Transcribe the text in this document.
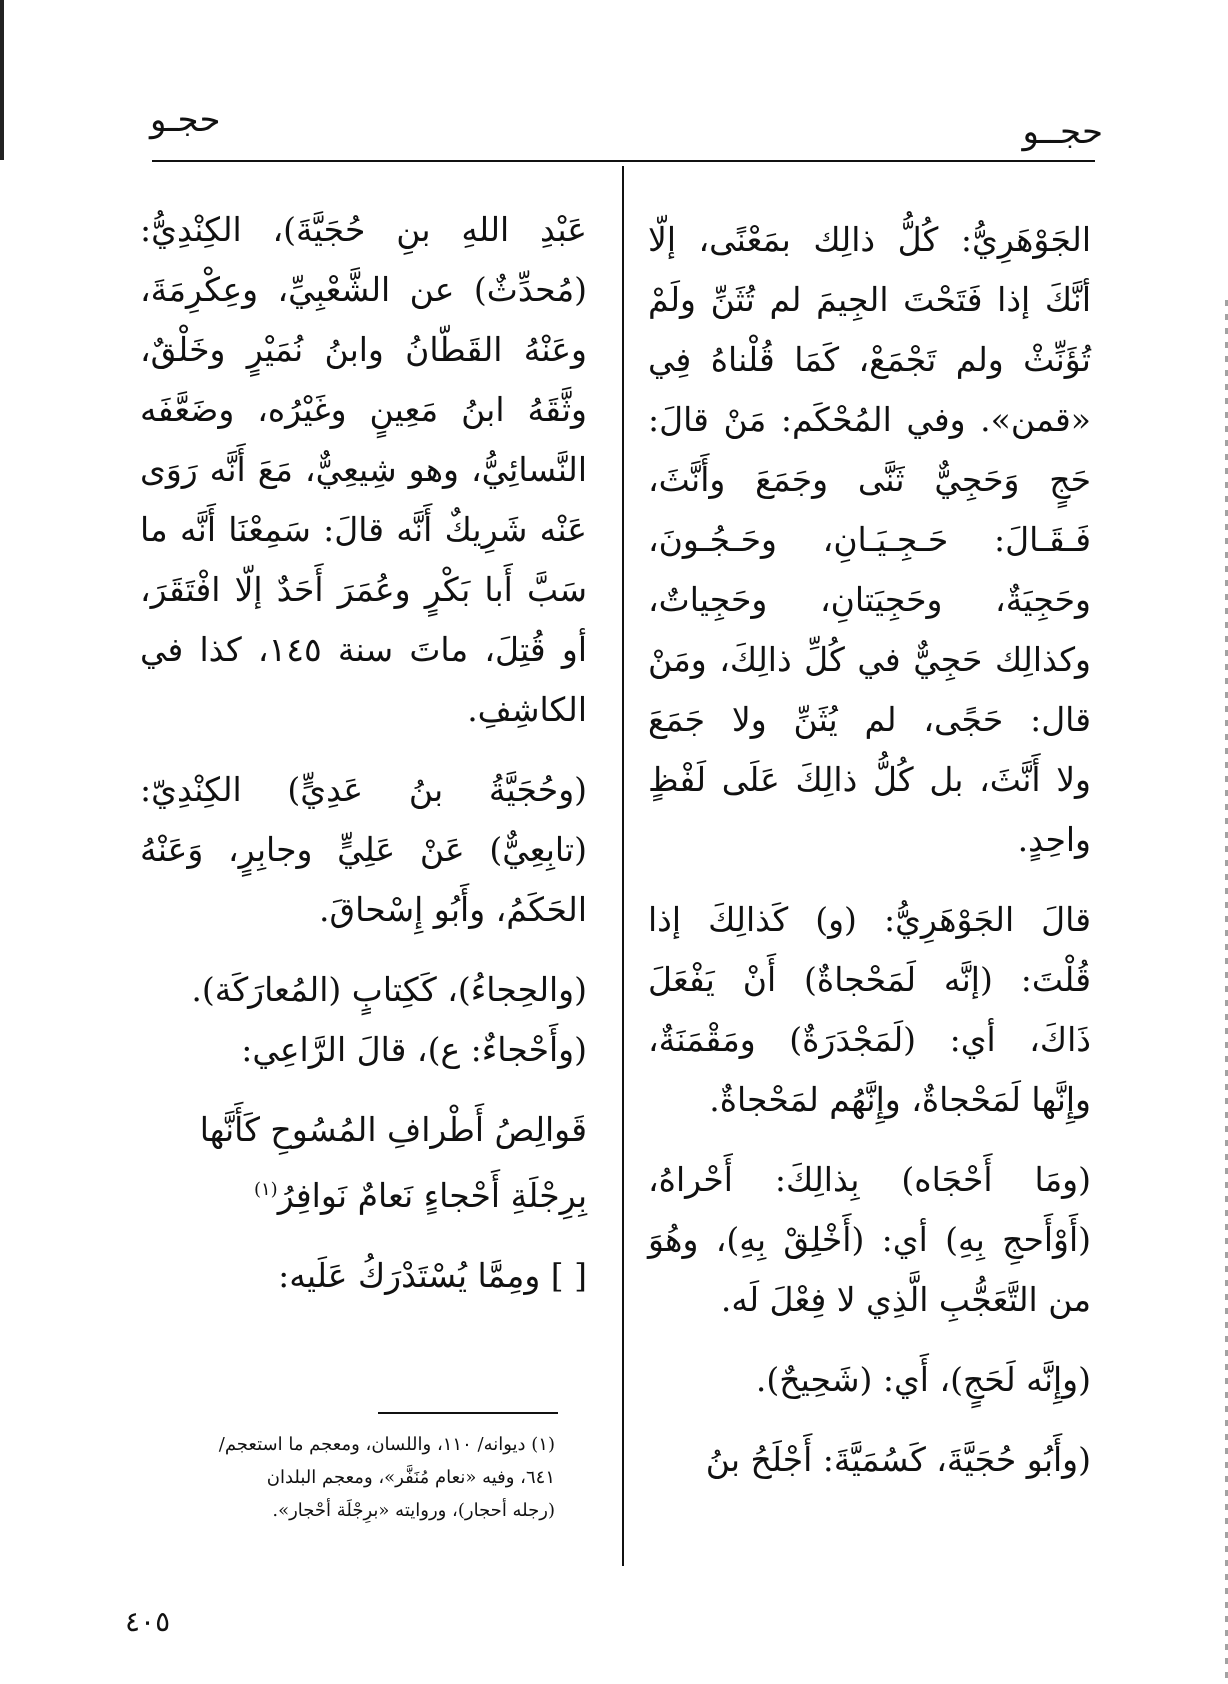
حجـو	حجــو
الجَوْهَرِيُّ: كُلُّ ذالِك بمَعْنًى، إلّا
أنَّكَ إذا فَتَحْتَ الجِيمَ لم تُثَنِّ ولَمْ
تُؤَنِّثْ ولم تَجْمَعْ، كَمَا قُلْناهُ فِي
«قمن». وفي المُحْكَم: مَنْ قالَ:
حَجٍ وَحَجِيٌّ ثَنَّى وجَمَعَ وأَنَّثَ،
فَـقَـالَ: حَـجِـيَـانِ، وحَـجُـونَ،
وحَجِيَةٌ، وحَجِيَتانِ، وحَجِياتٌ،
وكذالِك حَجِيٌّ في كُلِّ ذالِكَ، ومَنْ
قال: حَجًى، لم يُثَنِّ ولا جَمَعَ
ولا أَنَّثَ، بل كُلُّ ذالِكَ عَلَى لَفْظٍ
واحِدٍ.
قالَ الجَوْهَرِيُّ: (و) كَذالِكَ إذا
قُلْتَ: (إنَّه لَمَحْجاةٌ) أَنْ يَفْعَلَ
ذَاكَ، أي: (لَمَجْدَرَةٌ) ومَقْمَنَةٌ،
وإِنَّها لَمَحْجاةٌ، وإِنَّهُم لمَحْجاةٌ.
(ومَا أَحْجَاه) بِذالِكَ: أَحْراهُ،
(أَوْأَحجِ بِهِ) أي: (أَخْلِقْ بِهِ)، وهُوَ
من التَّعَجُّبِ الَّذِي لا فِعْلَ لَه.
(وإِنَّه لَحَجٍ)، أَي: (شَحِيحٌ).
(وأَبُو حُجَيَّةَ، كَسُمَيَّةَ: أَجْلَحُ بنُ
عَبْدِ اللهِ بنِ حُجَيَّةَ)، الكِنْدِيُّ:
(مُحدِّثٌ) عن الشَّعْبِيِّ، وعِكْرِمَةَ،
وعَنْهُ القَطّانُ وابنُ نُمَيْرٍ وخَلْقٌ،
وثَّقَهُ ابنُ مَعِينٍ وغَيْرُه، وضَعَّفَه
النَّسائِيُّ، وهو شِيعِيٌّ، مَعَ أَنَّه رَوَى
عَنْه شَرِيكٌ أَنَّه قالَ: سَمِعْنَا أَنَّه ما
سَبَّ أَبا بَكْرٍ وعُمَرَ أَحَدٌ إلّا افْتَقَرَ،
أو قُتِلَ، ماتَ سنة ١٤٥، كذا في
الكاشِفِ.
(وحُجَيَّةُ بنُ عَدِيٍّ) الكِنْدِيّ:
(تابِعِيٌّ) عَنْ عَلِيٍّ وجابِرٍ، وَعَنْهُ
الحَكَمُ، وأَبُو إِسْحاقَ.
(والحِجاءُ)، كَكِتابٍ (المُعارَكَة).
(وأَحْجاءٌ: ع)، قالَ الرَّاعِي:
قَوالِصُ أَطْرافِ المُسُوحِ كَأَنَّها
بِرِجْلَةِ أَحْجاءٍ نَعامٌ نَوافِرُ$^{(١)}$
[ ] ومِمَّا يُسْتَدْرَكُ عَلَيه:
(١) ديوانه/ ١١٠، واللسان، ومعجم ما استعجم/
٦٤١، وفيه «نعام مُنَفَّر»، ومعجم البلدان
(رجله أحجار)، وروايته «برِجْلَة أحْجار».
٤٠٥
